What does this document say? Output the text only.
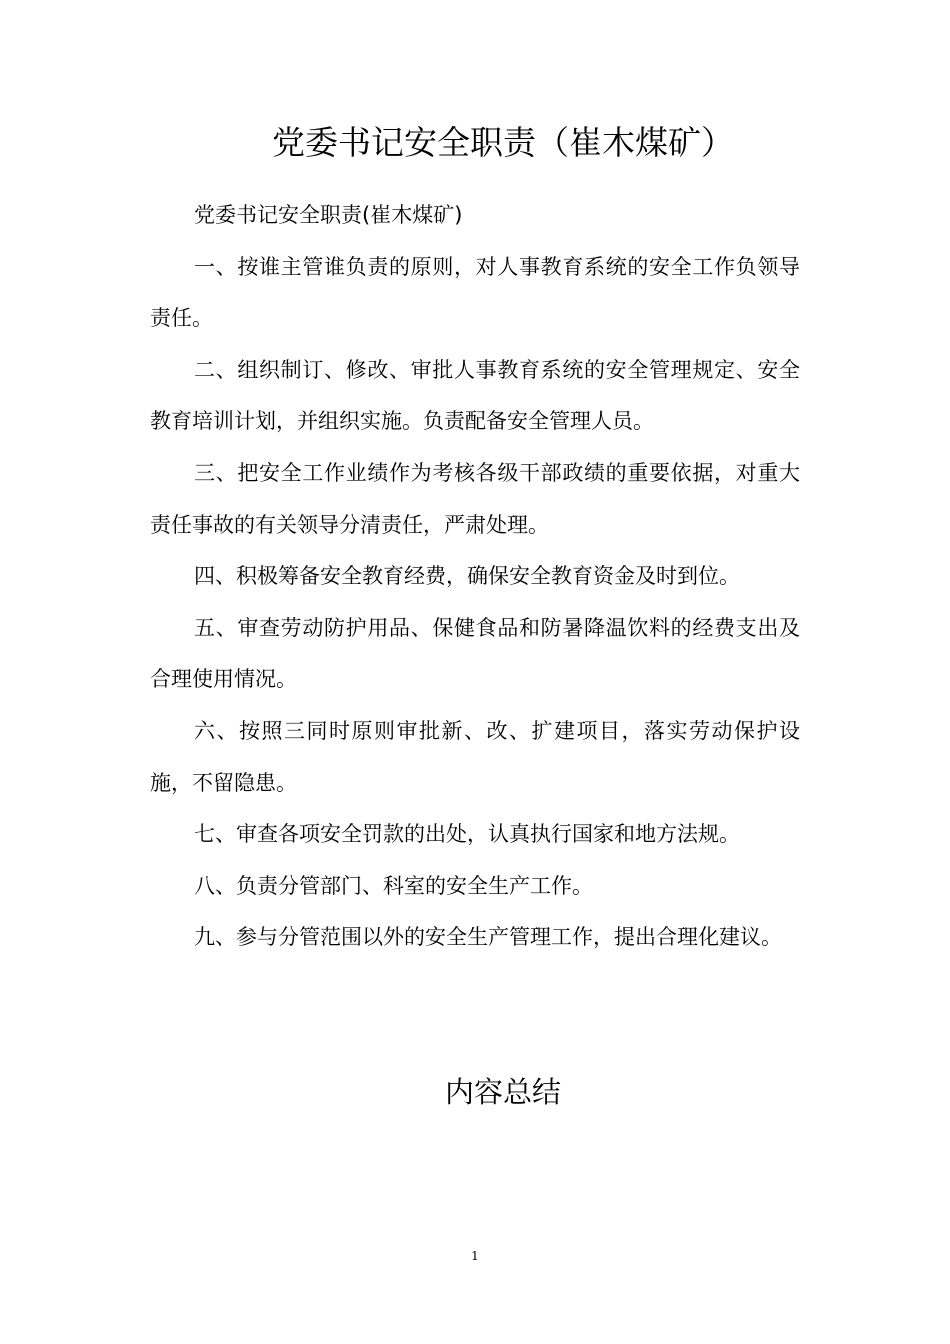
党委书记安全职责（崔木煤矿）

党委书记安全职责(崔木煤矿)

一、按谁主管谁负责的原则，对人事教育系统的安全工作负领导责任。

二、组织制订、修改、审批人事教育系统的安全管理规定、安全教育培训计划，并组织实施。负责配备安全管理人员。

三、把安全工作业绩作为考核各级干部政绩的重要依据，对重大责任事故的有关领导分清责任，严肃处理。

四、积极筹备安全教育经费，确保安全教育资金及时到位。

五、审查劳动防护用品、保健食品和防暑降温饮料的经费支出及合理使用情况。

六、按照三同时原则审批新、改、扩建项目，落实劳动保护设施，不留隐患。

七、审查各项安全罚款的出处，认真执行国家和地方法规。

八、负责分管部门、科室的安全生产工作。

九、参与分管范围以外的安全生产管理工作，提出合理化建议。

内容总结
1
